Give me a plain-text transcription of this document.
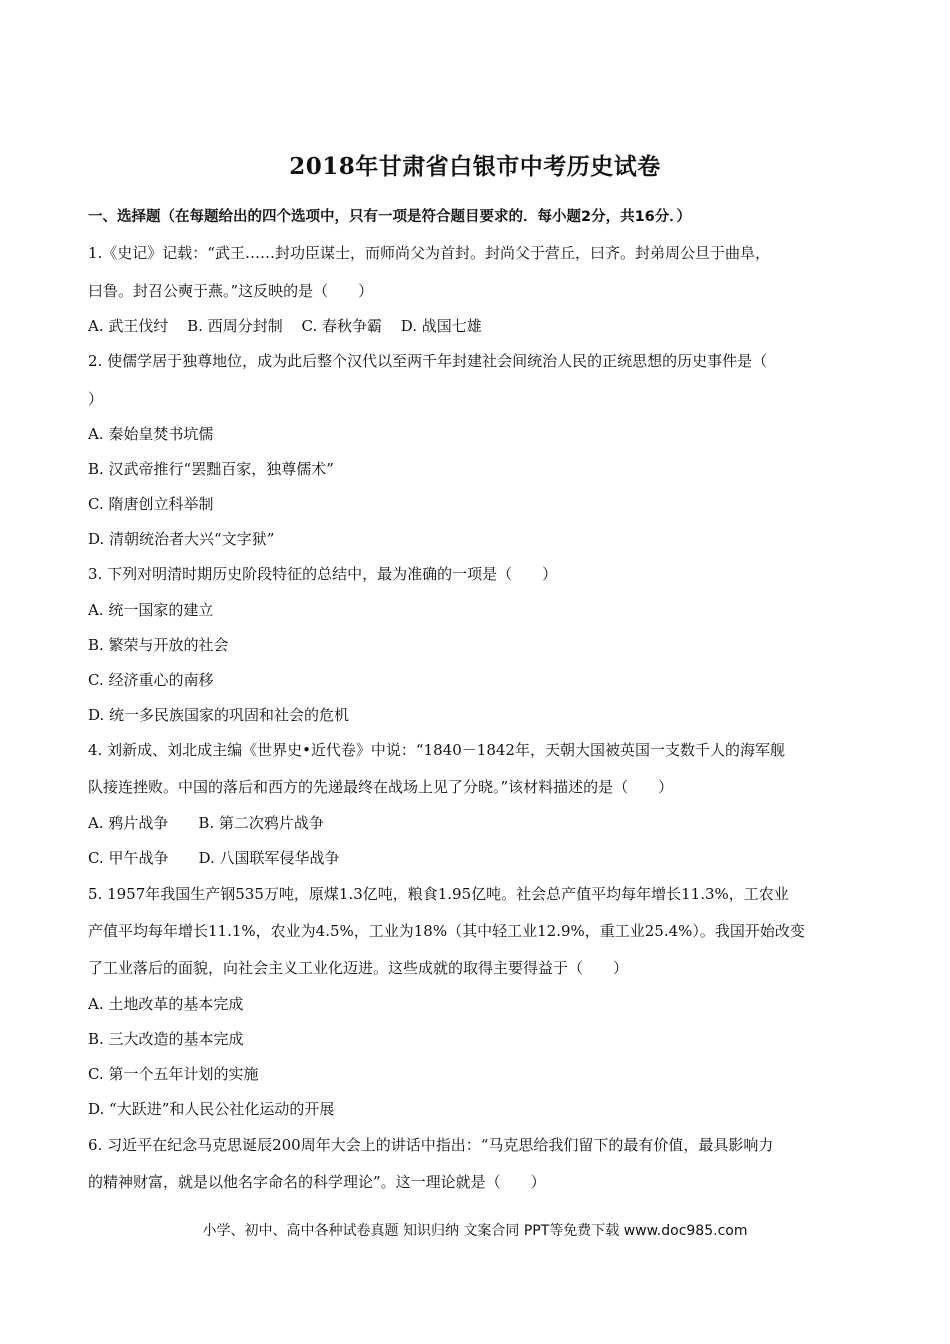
2018年甘肃省白银市中考历史试卷
一、选择题（在每题给出的四个选项中，只有一项是符合题目要求的．每小题2分，共16分．）
1.《史记》记载：“武王……封功臣谋士，而师尚父为首封。封尚父于营丘，曰齐。封弟周公旦于曲阜，
曰鲁。封召公奭于燕。”这反映的是（　　）
A. 武王伐纣 B. 西周分封制 C. 春秋争霸 D. 战国七雄
2. 使儒学居于独尊地位，成为此后整个汉代以至两千年封建社会间统治人民的正统思想的历史事件是（
）
A. 秦始皇焚书坑儒
B. 汉武帝推行“罢黜百家，独尊儒术”
C. 隋唐创立科举制
D. 清朝统治者大兴“文字狱”
3. 下列对明清时期历史阶段特征的总结中，最为准确的一项是（　　）
A. 统一国家的建立
B. 繁荣与开放的社会
C. 经济重心的南移
D. 统一多民族国家的巩固和社会的危机
4. 刘新成、刘北成主编《世界史•近代卷》中说：“1840－1842年，天朝大国被英国一支数千人的海军舰
队接连挫败。中国的落后和西方的先递最终在战场上见了分晓。”该材料描述的是（　　）
A. 鸦片战争 B. 第二次鸦片战争
C. 甲午战争 D. 八国联军侵华战争
5. 1957年我国生产钢535万吨，原煤1.3亿吨，粮食1.95亿吨。社会总产值平均每年增长11.3%，工农业
产值平均每年增长11.1%，农业为4.5%，工业为18%（其中轻工业12.9%，重工业25.4%）。我国开始改变
了工业落后的面貌，向社会主义工业化迈进。这些成就的取得主要得益于（　　）
A. 土地改革的基本完成
B. 三大改造的基本完成
C. 第一个五年计划的实施
D. “大跃进”和人民公社化运动的开展
6. 习近平在纪念马克思诞辰200周年大会上的讲话中指出：“马克思给我们留下的最有价值，最具影响力
的精神财富，就是以他名字命名的科学理论”。这一理论就是（　　）
小学、初中、高中各种试卷真题 知识归纳 文案合同 PPT等免费下载 www.doc985.com
